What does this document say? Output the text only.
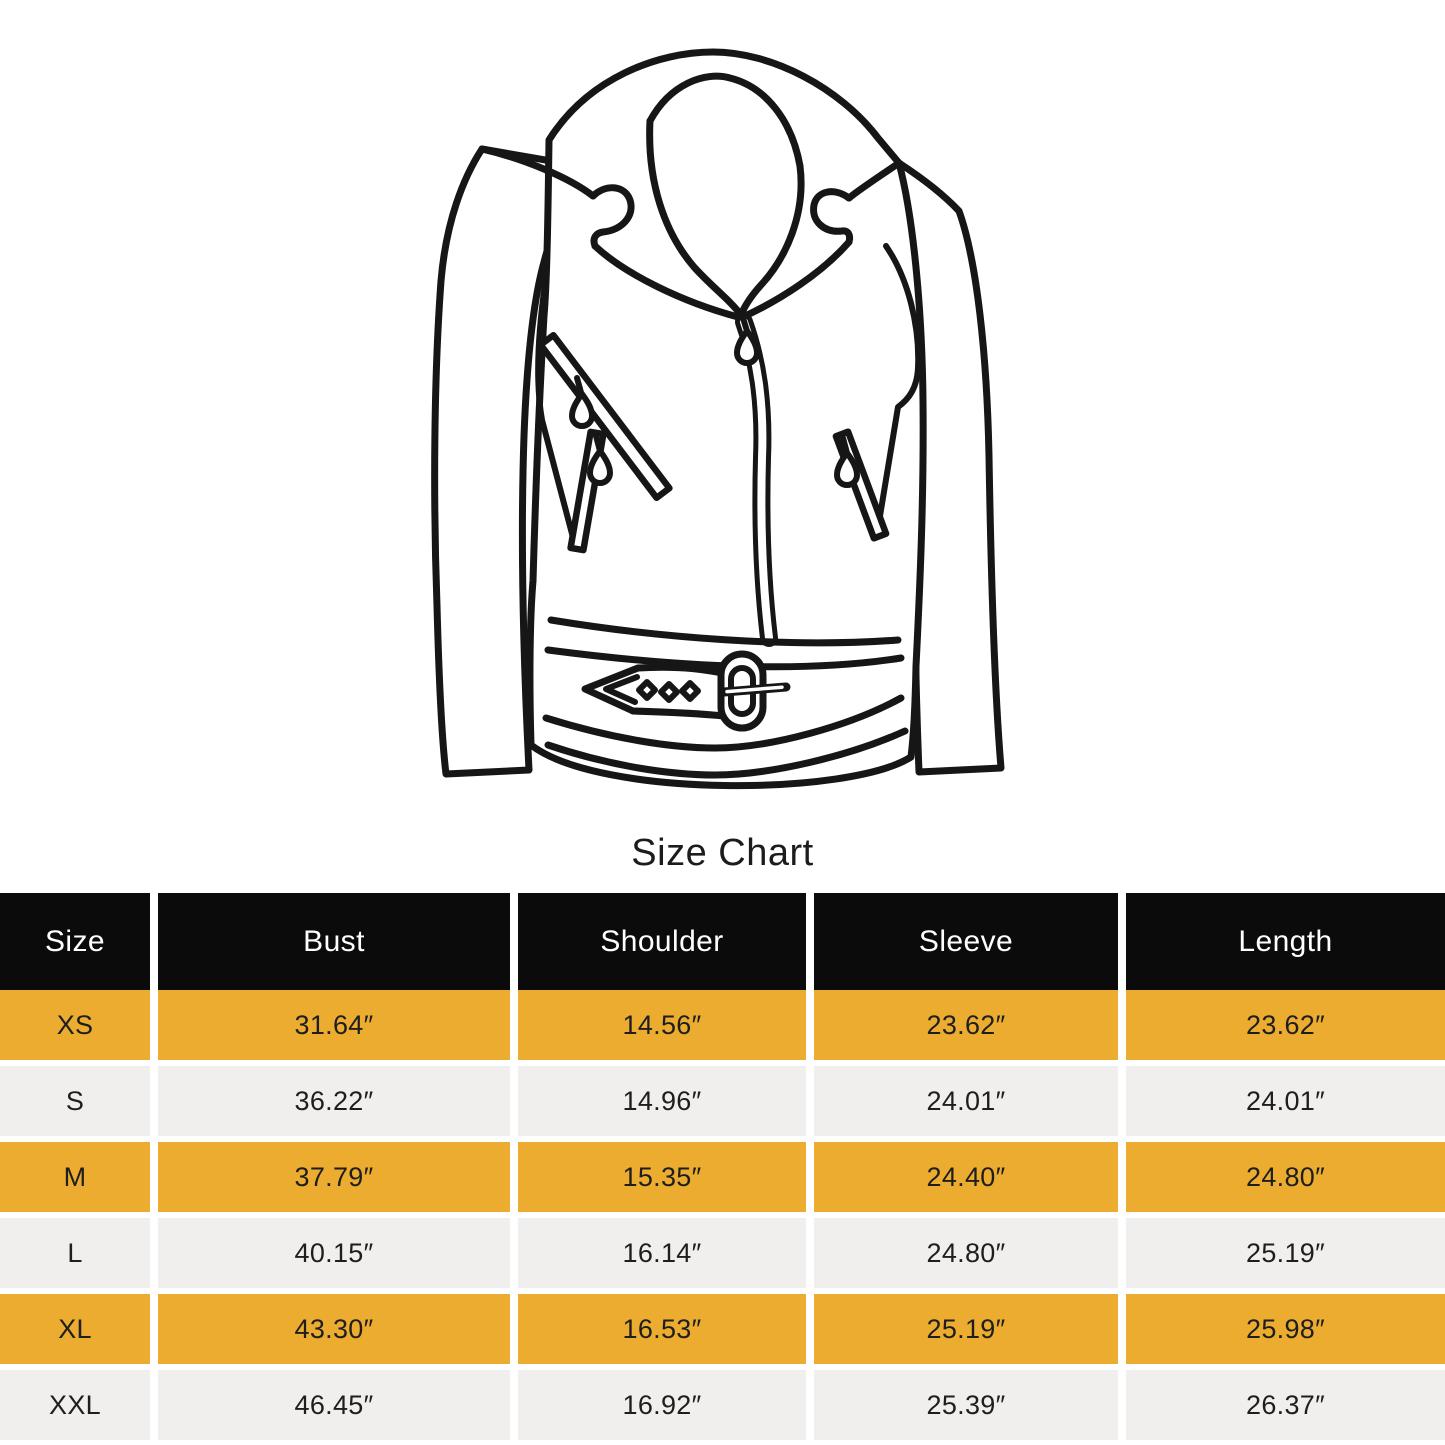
Size Chart
Size	Bust	Shoulder	Sleeve	Length
XS	31.64″	14.56″	23.62″	23.62″
S	36.22″	14.96″	24.01″	24.01″
M	37.79″	15.35″	24.40″	24.80″
L	40.15″	16.14″	24.80″	25.19″
XL	43.30″	16.53″	25.19″	25.98″
XXL	46.45″	16.92″	25.39″	26.37″
